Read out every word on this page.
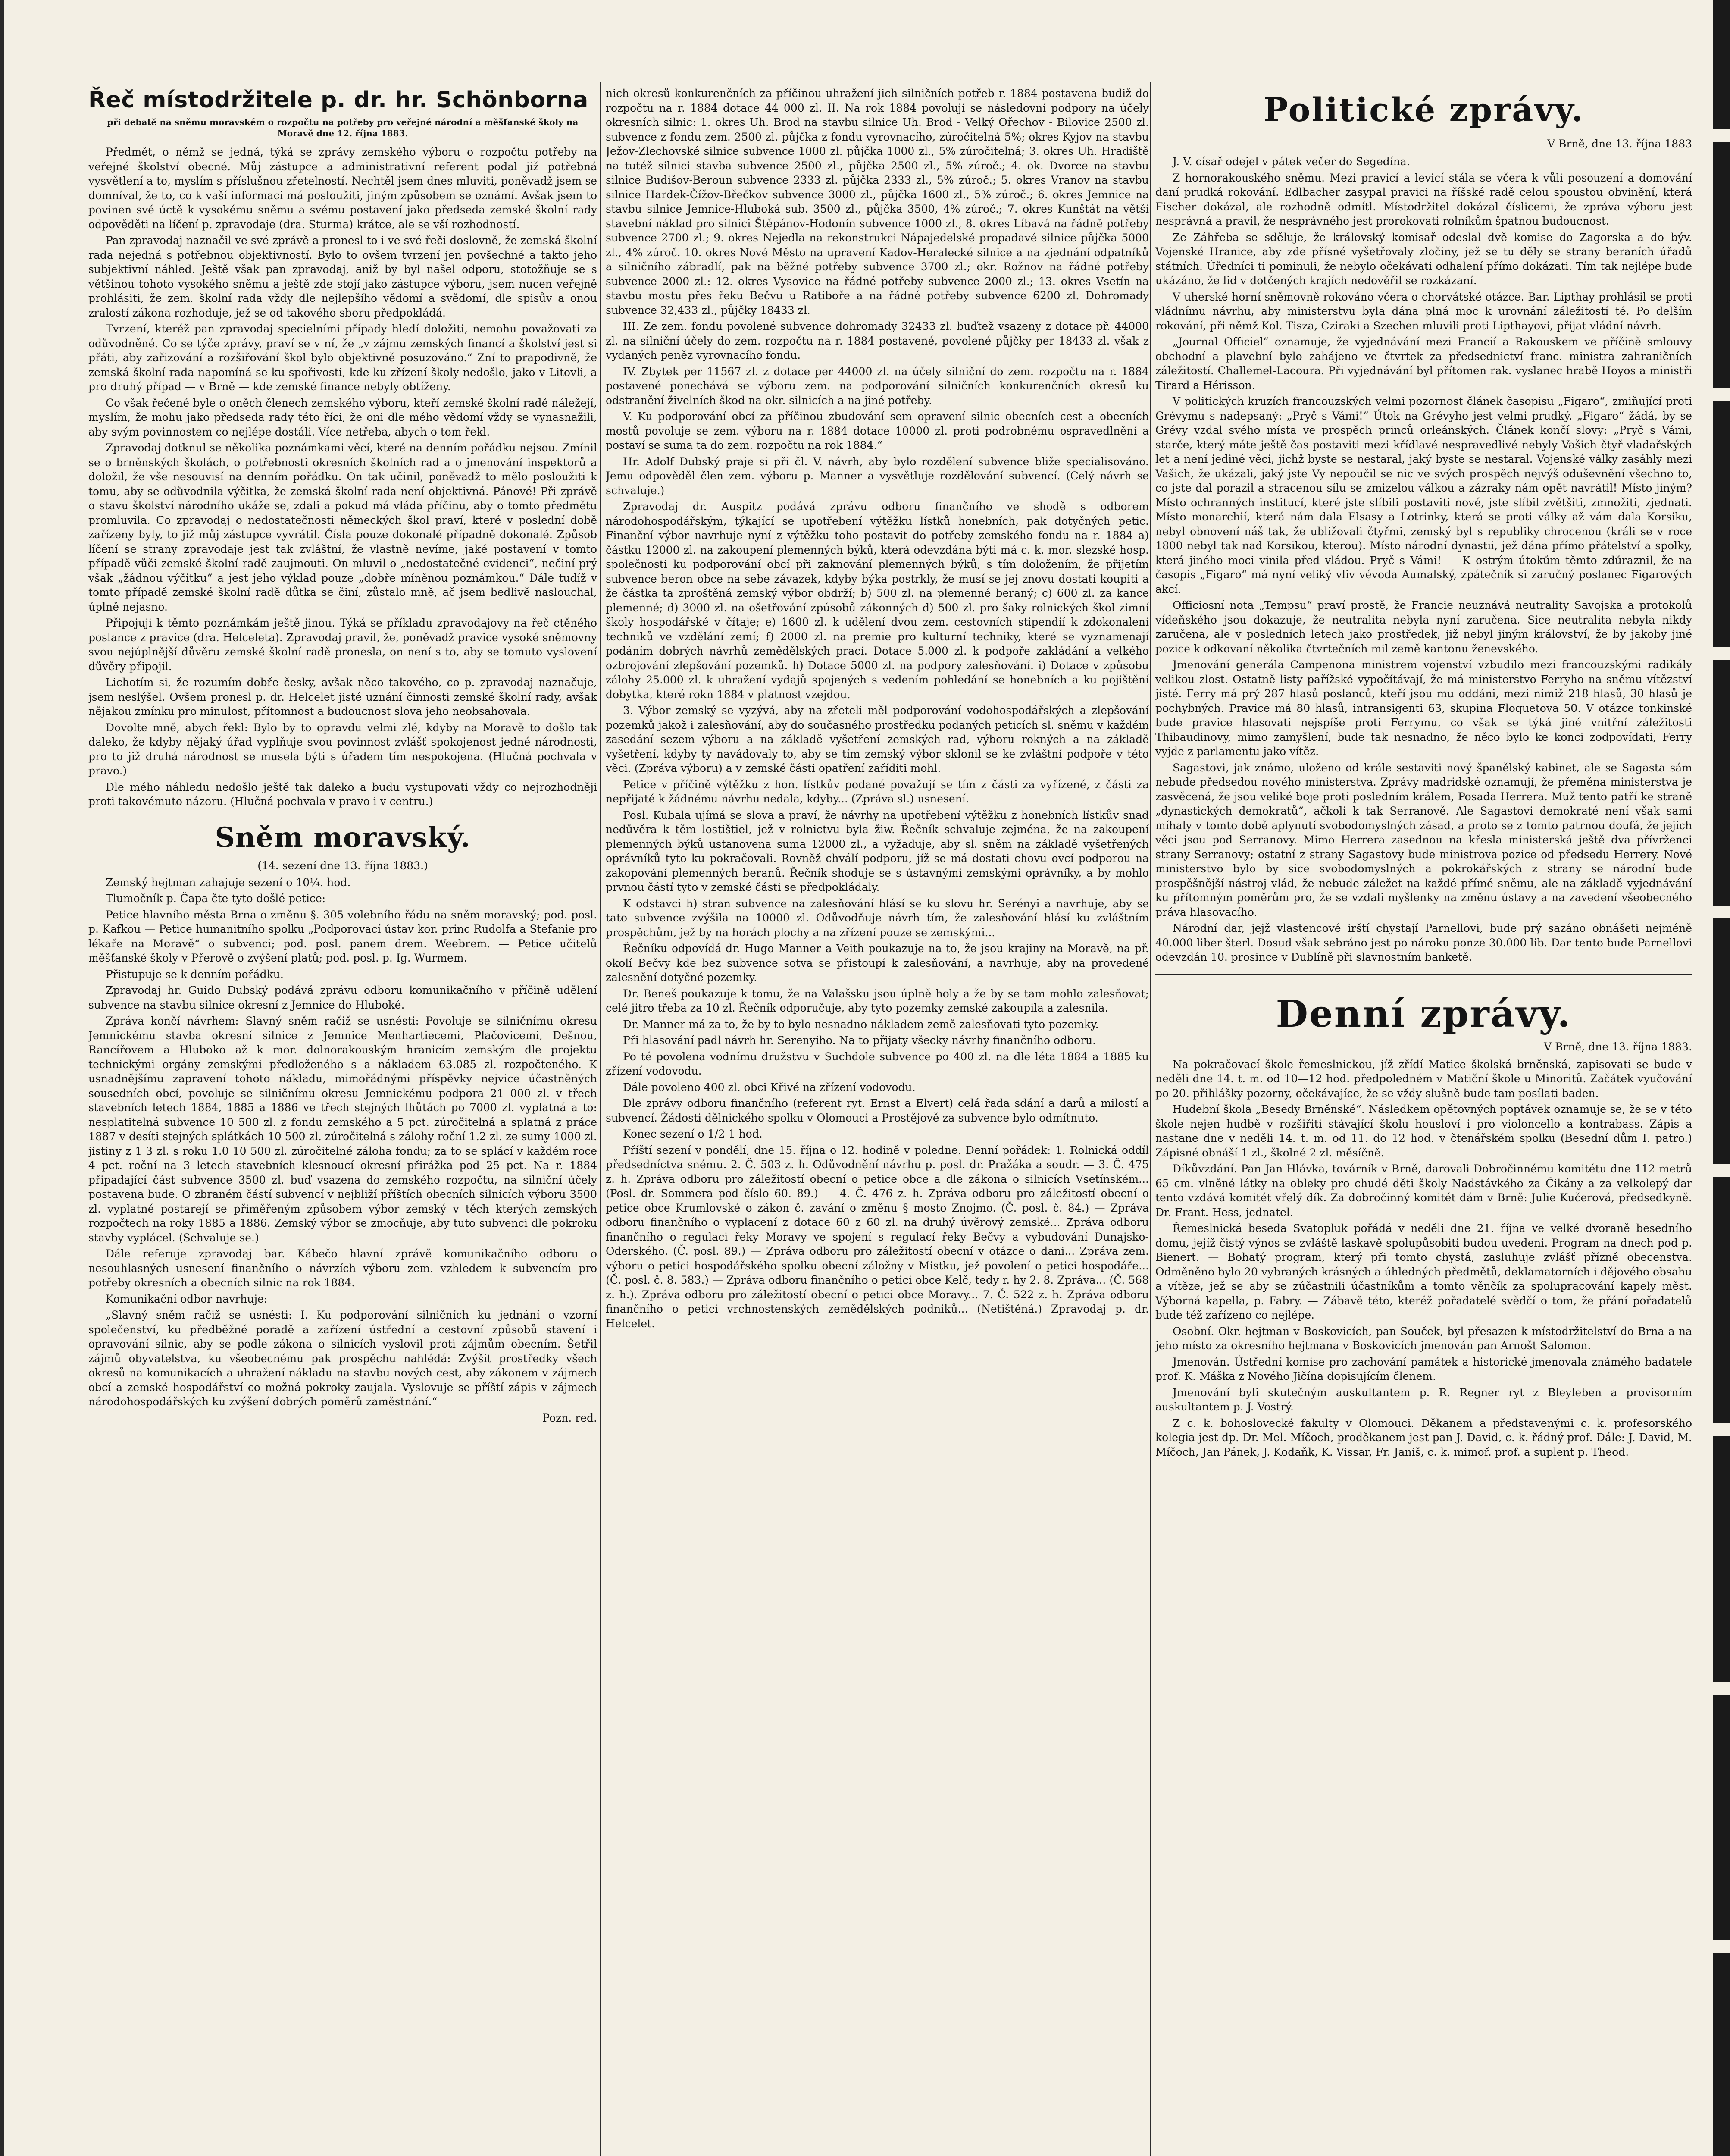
Řeč místodržitele p. dr. hr. Schönborna
při debatě na sněmu moravském o rozpočtu na potřeby pro veřejné národní a měšťanské školy na Moravě dne 12. října 1883.

Předmět, o němž se jedná, týká se zprávy zemského výboru o rozpočtu potřeby na veřejné školství obecné. Můj zástupce a administrativní referent podal již potřebná vysvětlení a to, myslím s příslušnou zřetelností. Nechtěl jsem dnes mluviti, poněvadž jsem se domníval, že to, co k vaší informaci má posloužiti, jiným způsobem se oznámí. Avšak jsem to povinen své úctě k vysokému sněmu a svému postavení jako předseda zemské školní rady odpověděti na líčení p. zpravodaje (dra. Sturma) krátce, ale se vší rozhodností.

Pan zpravodaj naznačil ve své zprávě a pronesl to i ve své řeči doslovně, že zemská školní rada nejedná s potřebnou objektivností. Bylo to ovšem tvrzení jen povšechné a takto jeho subjektivní náhled. Ještě však pan zpravodaj, aniž by byl našel odporu, stotožňuje se s většinou tohoto vysokého sněmu a ještě zde stojí jako zástupce výboru, jsem nucen veřejně prohlásiti, že zem. školní rada vždy dle nejlepšího vědomí a svědomí, dle spisův a onou zralostí zákona rozhoduje, jež se od takového sboru předpokládá.

Tvrzení, kteréž pan zpravodaj specielními případy hledí doložiti, nemohu považovati za odůvodněné. Co se týče zprávy, praví se v ní, že „v zájmu zemských financí a školství jest si přáti, aby zařizování a rozšiřování škol bylo objektivně posuzováno.“ Zní to prapodivně, že zemská školní rada napomíná se ku spořivosti, kde ku zřízení školy nedošlo, jako v Litovli, a pro druhý případ — v Brně — kde zemské finance nebyly obtíženy.

Co však řečené byle o oněch členech zemského výboru, kteří zemské školní radě náležejí, myslím, že mohu jako předseda rady této říci, že oni dle mého vědomí vždy se vynasnažili, aby svým povinnostem co nejlépe dostáli. Více netřeba, abych o tom řekl.

Zpravodaj dotknul se několika poznámkami věcí, které na denním pořádku nejsou. Zmínil se o brněnských školách, o potřebnosti okresních školních rad a o jmenování inspektorů a doložil, že vše nesouvisí na denním pořádku. On tak učinil, poněvadž to mělo posloužiti k tomu, aby se odůvodnila výčitka, že zemská školní rada není objektivná. Pánové! Při zprávě o stavu školství národního ukáže se, zdali a pokud má vláda příčinu, aby o tomto předmětu promluvila. Co zpravodaj o nedostatečnosti německých škol praví, které v poslední době zařízeny byly, to již můj zástupce vyvrátil. Čísla pouze dokonalé případně dokonalé. Způsob líčení se strany zpravodaje jest tak zvláštní, že vlastně nevíme, jaké postavení v tomto případě vůči zemské školní radě zaujmouti. On mluvil o „nedostatečné evidenci“, nečiní prý však „žádnou výčitku“ a jest jeho výklad pouze „dobře míněnou poznámkou.“ Dále tudíž v tomto případě zemské školní radě důtka se činí, zůstalo mně, ač jsem bedlivě naslouchal, úplně nejasno.

Připojuji k těmto poznámkám ještě jinou. Týká se příkladu zpravodajovy na řeč ctěného poslance z pravice (dra. Helceleta). Zpravodaj pravil, že, poněvadž pravice vysoké sněmovny svou nejúplnější důvěru zemské školní radě pronesla, on není s to, aby se tomuto vyslovení důvěry připojil.

Lichotím si, že rozumím dobře česky, avšak něco takového, co p. zpravodaj naznačuje, jsem neslýšel. Ovšem pronesl p. dr. Helcelet jisté uznání činnosti zemské školní rady, avšak nějakou zmínku pro minulost, přítomnost a budoucnost slova jeho neobsahovala.

Dovolte mně, abych řekl: Bylo by to opravdu velmi zlé, kdyby na Moravě to došlo tak daleko, že kdyby nějaký úřad vyplňuje svou povinnost zvlášť spokojenost jedné národnosti, pro to již druhá národnost se musela býti s úřadem tím nespokojena. (Hlučná pochvala v pravo.)

Dle mého náhledu nedošlo ještě tak daleko a budu vystupovati vždy co nejrozhodněji proti takovémuto názoru. (Hlučná pochvala v pravo i v centru.)

Sněm moravský.
(14. sezení dne 13. října 1883.)

Zemský hejtman zahajuje sezení o 10¼. hod.

Tlumočník p. Čapa čte tyto došlé petice:

Petice hlavního města Brna o změnu §. 305 volebního řádu na sněm moravský; pod. posl. p. Kafkou — Petice humanitního spolku „Podporovací ústav kor. princ Rudolfa a Stefanie pro lékaře na Moravě“ o subvenci; pod. posl. panem drem. Weebrem. — Petice učitelů měšťanské školy v Přerově o zvýšení platů; pod. posl. p. Ig. Wurmem.

Přistupuje se k denním pořádku.

Zpravodaj hr. Guido Dubský podává zprávu odboru komunikačního v příčině udělení subvence na stavbu silnice okresní z Jemnice do Hluboké.

Zpráva končí návrhem: Slavný sněm račiž se usnésti: Povoluje se silničnímu okresu Jemnickému stavba okresní silnice z Jemnice Menhartiecemi, Plačovicemi, Dešnou, Rancířovem a Hluboko až k mor. dolnorakouským hranicím zemským dle projektu technickými orgány zemskými předloženého s a nákladem 63.085 zl. rozpočteného. K usnadnějšímu zapravení tohoto nákladu, mimořádnými příspěvky nejvice účastněných sousedních obcí, povoluje se silničnímu okresu Jemnickému podpora 21 000 zl. v třech stavebních letech 1884, 1885 a 1886 ve třech stejných lhůtách po 7000 zl. vyplatná a to: nesplatitelná subvence 10 500 zl. z fondu zemského a 5 pct. zúročitelná a splatná z práce 1887 v desíti stejných splátkách 10 500 zl. zúročitelná s zálohy roční 1.2 zl. ze sumy 1000 zl. jistiny z 1 3 zl. s roku 1.0 10 500 zl. zúročitelné záloha fondu; za to se splácí v každém roce 4 pct. roční na 3 letech stavebních klesnoucí okresní přirážka pod 25 pct. Na r. 1884 připadající část subvence 3500 zl. buď vsazena do zemského rozpočtu, na silniční účely postavena bude. O zbraném částí subvencí v nejbliží příštích obecních silnicích výboru 3500 zl. vyplatné postarejí se přiměřeným způsobem výbor zemský v těch kterých zemských rozpočtech na roky 1885 a 1886. Zemský výbor se zmocňuje, aby tuto subvenci dle pokroku stavby vyplácel. (Schvaluje se.)

Dále referuje zpravodaj bar. Kábečo hlavní zprávě komunikačního odboru o nesouhlasných usnesení finančního o návrzích výboru zem. vzhledem k subvencím pro potřeby okresních a obecních silnic na rok 1884.

Komunikační odbor navrhuje:

„Slavný sněm račiž se usnésti: I. Ku podporování silničních ku jednání o vzorní společenství, ku předběžné poradě a zařízení ústřední a cestovní způsobů stavení i opravování silnic, aby se podle zákona o silnicích vyslovil proti zájmům obecním. Šetřil zájmů obyvatelstva, ku všeobecnému pak prospěchu nahlédá: Zvýšit prostředky všech okresů na komunikacích a uhražení nákladu na stavbu nových cest, aby zákonem v zájmech obcí a zemské hospodářství co možná pokroky zaujala. Vyslovuje se příští zápis v zájmech národohospodářských ku zvýšení dobrých poměrů zaměstnání.“

Pozn. red.

nich okresů konkurenčních za příčinou uhražení jich silničních potřeb r. 1884 postavena budiž do rozpočtu na r. 1884 dotace 44 000 zl. II. Na rok 1884 povolují se následovní podpory na účely okresních silnic: 1. okres Uh. Brod na stavbu silnice Uh. Brod - Velký Ořechov - Bilovice 2500 zl. subvence z fondu zem. 2500 zl. půjčka z fondu vyrovnacího, zúročitelná 5%; okres Kyjov na stavbu Ježov-Zlechovské silnice subvence 1000 zl. půjčka 1000 zl., 5% zúročitelná; 3. okres Uh. Hradiště na tutéž silnici stavba subvence 2500 zl., půjčka 2500 zl., 5% zúroč.; 4. ok. Dvorce na stavbu silnice Budišov-Beroun subvence 2333 zl. půjčka 2333 zl., 5% zúroč.; 5. okres Vranov na stavbu silnice Hardek-Čížov-Břečkov subvence 3000 zl., půjčka 1600 zl., 5% zúroč.; 6. okres Jemnice na stavbu silnice Jemnice-Hluboká sub. 3500 zl., půjčka 3500, 4% zúroč.; 7. okres Kunštát na větší stavební náklad pro silnici Štěpánov-Hodonín subvence 1000 zl., 8. okres Líbavá na řádně potřeby subvence 2700 zl.; 9. okres Nejedla na rekonstrukci Nápajedelské propadavé silnice půjčka 5000 zl., 4% zúroč. 10. okres Nové Město na upravení Kadov-Heralecké silnice a na zjednání odpatníků a silničního zábradlí, pak na běžné potřeby subvence 3700 zl.; okr. Rožnov na řádné potřeby subvence 2000 zl.: 12. okres Vysovice na řádné potřeby subvence 2000 zl.; 13. okres Vsetín na stavbu mostu přes řeku Bečvu u Ratiboře a na řádné potřeby subvence 6200 zl. Dohromady subvence 32,433 zl., půjčky 18433 zl.

III. Ze zem. fondu povolené subvence dohromady 32433 zl. buďtež vsazeny z dotace př. 44000 zl. na silniční účely do zem. rozpočtu na r. 1884 postavené, povolené půjčky per 18433 zl. však z vydaných peněz vyrovnacího fondu.

IV. Zbytek per 11567 zl. z dotace per 44000 zl. na účely silniční do zem. rozpočtu na r. 1884 postavené ponechává se výboru zem. na podporování silničních konkurenčních okresů ku odstranění živelních škod na okr. silnicích a na jiné potřeby.

V. Ku podporování obcí za příčinou zbudování sem opravení silnic obecních cest a obecních mostů povoluje se zem. výboru na r. 1884 dotace 10000 zl. proti podrobnému ospravedlnění a postaví se suma ta do zem. rozpočtu na rok 1884.“

Hr. Adolf Dubský praje si při čl. V. návrh, aby bylo rozdělení subvence bliže specialisováno. Jemu odpověděl člen zem. výboru p. Manner a vysvětluje rozdělování subvencí. (Celý návrh se schvaluje.)

Zpravodaj dr. Auspitz podává zprávu odboru finančního ve shodě s odborem národohospodářským, týkající se upotřebení výtěžku lístků honebních, pak dotyčných petic. Finanční výbor navrhuje nyní z výtěžku toho postavit do potřeby zemského fondu na r. 1884 a) částku 12000 zl. na zakoupení plemenných býků, která odevzdána býti má c. k. mor. slezské hosp. společnosti ku podporování obcí při zaknování plemenných býků, s tím doložením, že přijetím subvence beron obce na sebe závazek, kdyby býka postrkly, že musí se jej znovu dostati koupiti a že částka ta zproštěná zemský výbor obdrží; b) 500 zl. na plemenné beraný; c) 600 zl. za kance plemenné; d) 3000 zl. na ošetřování zpúsobů zákonných d) 500 zl. pro šaky rolnických škol zimní školy hospodářské v čítaje; e) 1600 zl. k udělení dvou zem. cestovních stipendií k zdokonalení techniků ve vzdělání zemí; f) 2000 zl. na premie pro kulturní techniky, které se vyznamenají podáním dobrých návrhů zemědělských prací. Dotace 5.000 zl. k podpoře zakládání a velkého ozbrojování zlepšování pozemků. h) Dotace 5000 zl. na podpory zalesňování. i) Dotace v způsobu zálohy 25.000 zl. k uhražení vydajů spojených s vedením pohledání se honebních a ku pojištění dobytka, které rokn 1884 v platnost vzejdou.

3. Výbor zemský se vyzývá, aby na zřeteli měl podporování vodohospodářských a zlepšování pozemků jakož i zalesňování, aby do současného prostředku podaných peticích sl. sněmu v každém zasedání sezem výboru a na základě vyšetření zemských rad, výboru rokných a na základě vyšetření, kdyby ty navádovaly to, aby se tím zemský výbor sklonil se ke zvláštní podpoře v této věci. (Zpráva výboru) a v zemské části opatření zaříditi mohl.

Petice v příčině výtěžku z hon. lístkův podané považují se tím z části za vyřízené, z části za nepřijaté k žádnému návrhu nedala, kdyby... (Zpráva sl.) usnesení.

Posl. Kubala ujímá se slova a praví, že návrhy na upotřebení výtěžku z honebních lístkův snad nedůvěra k těm lostištiel, jež v rolnictvu byla žiw. Řečník schvaluje zejména, že na zakoupení plemenných býků ustanovena suma 12000 zl., a vyžaduje, aby sl. sněm na základě vyšetřených oprávníků tyto ku pokračovali. Rovněž chválí podporu, jíž se má dostati chovu ovcí podporou na zakopování plemenných beranů. Řečník shoduje se s ústavnými zemskými oprávníky, a by mohlo prvnou částí tyto v zemské části se předpokládaly.

K odstavci h) stran subvence na zalesňování hlásí se ku slovu hr. Serényi a navrhuje, aby se tato subvence zvýšila na 10000 zl. Odůvodňuje návrh tím, že zalesňování hlásí ku zvláštním prospěchům, jež by na horách plochy a na zřízení pouze se zemskými...

Řečníku odpovídá dr. Hugo Manner a Veith poukazuje na to, že jsou krajiny na Moravě, na př. okolí Bečvy kde bez subvence sotva se přistoupí k zalesňování, a navrhuje, aby na provedené zalesnění dotyčné pozemky.

Dr. Beneš poukazuje k tomu, že na Valašsku jsou úplně holy a že by se tam mohlo zalesňovat; celé jitro třeba za 10 zl. Řečník odporučuje, aby tyto pozemky zemské zakoupila a zalesnila.

Dr. Manner má za to, že by to bylo nesnadno nákladem země zalesňovati tyto pozemky.

Při hlasování padl návrh hr. Serenyiho. Na to přijaty všecky návrhy finančního odboru.

Po té povolena vodnímu družstvu v Suchdole subvence po 400 zl. na dle léta 1884 a 1885 ku zřízení vodovodu.

Dále povoleno 400 zl. obci Křivé na zřízení vodovodu.

Dle zprávy odboru finančního (referent ryt. Ernst a Elvert) celá řada sdání a darů a milostí a subvencí. Žádosti dělnického spolku v Olomouci a Prostějově za subvence bylo odmítnuto.

Konec sezení o 1/2 1 hod.

Příští sezení v pondělí, dne 15. října o 12. hodině v poledne. Denní pořádek: 1. Rolnická oddíl předsedníctva snému. 2. Č. 503 z. h. Odůvodnění návrhu p. posl. dr. Pražáka a soudr. — 3. Č. 475 z. h. Zpráva odboru pro záležitostí obecní o petice obce a dle zákona o silnicích Vsetínském... (Posl. dr. Sommera pod číslo 60. 89.) — 4. Č. 476 z. h. Zpráva odboru pro záležitostí obecní o petice obce Krumlovské o zákon č. zavání o změnu § mosto Znojmo. (Č. posl. č. 84.) — Zpráva odboru finančního o vyplacení z dotace 60 z 60 zl. na druhý úvěrový zemské... Zpráva odboru finančního o regulaci řeky Moravy ve spojení s regulací řeky Bečvy a vybudování Dunajsko-Oderského. (Č. posl. 89.) — Zpráva odboru pro záležitostí obecní v otázce o dani... Zpráva zem. výboru o petici hospodářského spolku obecní záložny v Mistku, jež povolení o petici hospodáře... (Č. posl. č. 8. 583.) — Zpráva odboru finančního o petici obce Kelč, tedy r. hy 2. 8. Zpráva... (Č. 568 z. h.). Zpráva odboru pro záležitostí obecní o petici obce Moravy... 7. Č. 522 z. h. Zpráva odboru finančního o petici vrchnostenských zemědělských podniků... (Netištěná.) Zpravodaj p. dr. Helcelet.

Politické zprávy.
V Brně, dne 13. října 1883

J. V. císař odejel v pátek večer do Segedína.

Z hornorakouského sněmu. Mezi pravicí a levicí stála se včera k vůli posouzení a domování daní prudká rokování. Edlbacher zasypal pravici na říšské radě celou spoustou obvinění, která Fischer dokázal, ale rozhodně odmítl. Místodržitel dokázal číslicemi, že zpráva výboru jest nesprávná a pravil, že nesprávného jest prorokovati rolníkům špatnou budoucnost.

Ze Záhřeba se sděluje, že královský komisař odeslal dvě komise do Zagorska a do býv. Vojenské Hranice, aby zde přísné vyšetřovaly zločiny, jež se tu děly se strany beraních úřadů státních. Úředníci ti pominuli, že nebylo očekávati odhalení přímo dokázati. Tím tak nejlépe bude ukázáno, že lid v dotčených krajích nedověřil se rozkázaní.

V uherské horní sněmovně rokováno včera o chorvátské otázce. Bar. Lipthay prohlásil se proti vládnímu návrhu, aby ministerstvu byla dána plná moc k urovnání záležitostí té. Po delším rokování, při němž Kol. Tisza, Cziraki a Szechen mluvili proti Lipthayovi, přijat vládní návrh.

„Journal Officiel“ oznamuje, že vyjednávání mezi Francií a Rakouskem ve příčině smlouvy obchodní a plavební bylo zahájeno ve čtvrtek za předsednictví franc. ministra zahraničních záležitostí. Challemel-Lacoura. Při vyjednávání byl přítomen rak. vyslanec hrabě Hoyos a ministři Tirard a Hérisson.

V politických kruzích francouzských velmi pozornost článek časopisu „Figaro“, zmiňující proti Grévymu s nadepsaný: „Pryč s Vámi!“ Útok na Grévyho jest velmi prudký. „Figaro“ žádá, by se Grévy vzdal svého místa ve prospěch princů orleánských. Článek končí slovy: „Pryč s Vámi, starče, který máte ještě čas postaviti mezi křídlavé nespravedlivé nebyly Vašich čtyř vladařských let a není jediné věci, jichž byste se nestaral, jaký byste se nestaral. Vojenské války zasáhly mezi Vašich, že ukázali, jaký jste Vy nepoučil se nic ve svých prospěch nejvýš oduševnění všechno to, co jste dal porazil a stracenou sílu se zmizelou válkou a zázraky nám opět navrátil! Místo jiným? Místo ochranných institucí, které jste slíbili postaviti nové, jste slíbil zvětšiti, zmnožiti, zjednati. Místo monarchií, která nám dala Elsasy a Lotrinky, která se proti války až vám dala Korsiku, nebyl obnovení náš tak, že ubližovali čtyřmi, zemský byl s republiky chrocenou (králi se v roce 1800 nebyl tak nad Korsikou, kterou). Místo národní dynastii, jež dána přímo přátelství a spolky, která jiného moci vinila před vládou. Pryč s Vámi! — K ostrým útokům těmto zdůraznil, že na časopis „Figaro“ má nyní veliký vliv vévoda Aumalský, zpátečník si zaručný poslanec Figarových akcí.

Officiosní nota „Tempsu“ praví prostě, že Francie neuznává neutrality Savojska a protokolů vídeňského jsou dokazuje, že neutralita nebyla nyní zaručena. Sice neutralita nebyla nikdy zaručena, ale v posledních letech jako prostředek, již nebyl jiným království, že by jakoby jiné pozice k odkovaní několika čtvrtečních mil země kantonu ženevského.

Jmenování generála Campenona ministrem vojenství vzbudilo mezi francouzskými radikály velikou zlost. Ostatně listy pařížské vypočítávají, že má ministerstvo Ferryho na sněmu vítězství jisté. Ferry má prý 287 hlasů poslanců, kteří jsou mu oddáni, mezi nimiž 218 hlasů, 30 hlasů je pochybných. Pravice má 80 hlasů, intransigenti 63, skupina Floquetova 50. V otázce tonkinské bude pravice hlasovati nejspíše proti Ferrymu, co však se týká jiné vnitřní záležitosti Thibaudinovy, mimo zamyšlení, bude tak nesnadno, že něco bylo ke konci zodpovídati, Ferry vyjde z parlamentu jako vítěz.

Sagastovi, jak známo, uloženo od krále sestaviti nový španělský kabinet, ale se Sagasta sám nebude předsedou nového ministerstva. Zprávy madridské oznamují, že přeměna ministerstva je zasvěcená, že jsou veliké boje proti posledním králem, Posada Herrera. Muž tento patří ke straně „dynastických demokratů“, ačkoli k tak Serranově. Ale Sagastovi demokraté není však sami míhaly v tomto době aplynutí svobodomyslných zásad, a proto se z tomto patrnou doufá, že jejich věci jsou pod Serranovy. Mimo Herrera zasednou na křesla ministerská ještě dva přívrženci strany Serranovy; ostatní z strany Sagastovy bude ministrova pozice od předsedu Herrery. Nové ministerstvo bylo by sice svobodomyslných a pokrokářských z strany se národní bude prospěšnější nástroj vlád, že nebude záležet na každé přímé sněmu, ale na základě vyjednávání ku přítomným poměrům pro, že se vzdali myšlenky na změnu ústavy a na zavedení všeobecného práva hlasovacího.

Národní dar, jejž vlastencové irští chystají Parnellovi, bude prý sazáno obnášeti nejméně 40.000 liber šterl. Dosud však sebráno jest po nároku ponze 30.000 lib. Dar tento bude Parnellovi odevzdán 10. prosince v Dublíně při slavnostním banketě.

Denní zprávy.
V Brně, dne 13. října 1883.

Na pokračovací škole řemeslnickou, jíž zřídí Matice školská brněnská, zapisovati se bude v neděli dne 14. t. m. od 10—12 hod. předpoledném v Matiční škole u Minoritů. Začátek vyučování po 20. přihlášky pozorny, očekávajíce, že se vždy slušně bude tam posílati baden.

Hudební škola „Besedy Brněnské“. Následkem opětovných poptávek oznamuje se, že se v této škole nejen hudbě v rozšiřiti stávající školu housloví i pro violoncello a kontrabass. Zápis a nastane dne v neděli 14. t. m. od 11. do 12 hod. v čtenářském spolku (Besední dům I. patro.) Zápisné obnáší 1 zl., školné 2 zl. měsíčně.

Díkůvzdání. Pan Jan Hlávka, továrník v Brně, darovali Dobročinnému komitétu dne 112 metrů 65 cm. vlněné látky na obleky pro chudé děti školy Nadstávkého za Čikány a za velkolepý dar tento vzdává komitét vřelý dík. Za dobročinný komitét dám v Brně: Julie Kučerová, předsedkyně. Dr. Frant. Hess, jednatel.

Řemeslnická beseda Svatopluk pořádá v neděli dne 21. října ve velké dvoraně besedního domu, jejíž čistý výnos se zvláště laskavě spolupůsobiti budou uvedeni. Program na dnech pod p. Bienert. — Bohatý program, který při tomto chystá, zasluhuje zvlášť přízně obecenstva. Odměněno bylo 20 vybraných krásných a úhledných předmětů, deklamatorních i dějového obsahu a vítěze, jež se aby se zúčastnili účastníkům a tomto věnčík za spolupracování kapely měst. Výborná kapella, p. Fabry. — Zábavě této, kteréž pořadatelé svědčí o tom, že přání pořadatelů bude též zařízeno co nejlépe.

Osobní. Okr. hejtman v Boskovicích, pan Souček, byl přesazen k místodržitelství do Brna a na jeho místo za okresního hejtmana v Boskovicích jmenován pan Arnošt Salomon.

Jmenován. Ústřední komise pro zachování památek a historické jmenovala známého badatele prof. K. Máška z Nového Jičína dopisujícím členem.

Jmenování byli skutečným auskultantem p. R. Regner ryt z Bleyleben a provisorním auskultantem p. J. Vostrý.

Z c. k. bohoslovecké fakulty v Olomouci. Děkanem a představenými c. k. profesorského kolegia jest dp. Dr. Mel. Míčoch, proděkanem jest pan J. David, c. k. řádný prof. Dále: J. David, M. Míčoch, Jan Pánek, J. Kodaňk, K. Vissar, Fr. Janiš, c. k. mimoř. prof. a suplent p. Theod.
